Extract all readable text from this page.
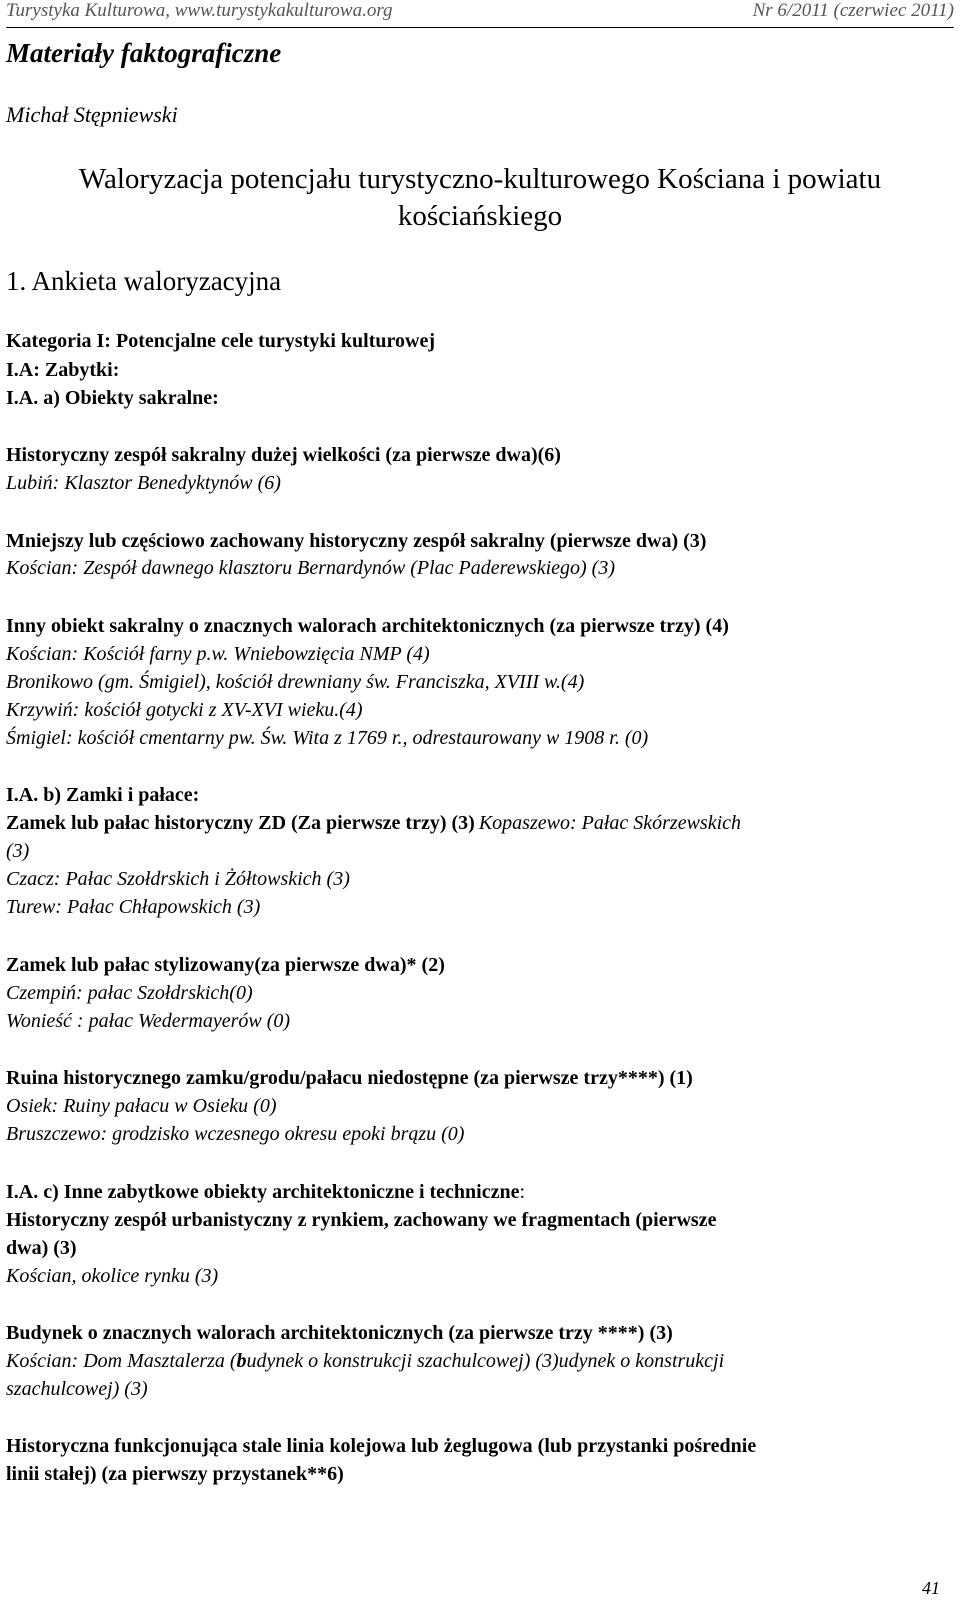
Turystyka Kulturowa, www.turystykakulturowa.org	Nr 6/2011 (czerwiec 2011)
Materiały faktograficzne
Michał Stępniewski
Waloryzacja potencjału turystyczno-kulturowego Kościana i powiatu
kościańskiego
1. Ankieta waloryzacyjna
Kategoria I: Potencjalne cele turystyki kulturowej
I.A: Zabytki:
I.A. a) Obiekty sakralne:
Historyczny zespół sakralny dużej wielkości (za pierwsze dwa)(6)
Lubiń: Klasztor Benedyktynów (6)
Mniejszy lub częściowo zachowany historyczny zespół sakralny (pierwsze dwa) (3)
Kościan: Zespół dawnego klasztoru Bernardynów (Plac Paderewskiego) (3)
Inny obiekt sakralny o znacznych walorach architektonicznych (za pierwsze trzy) (4)
Kościan: Kościół farny p.w. Wniebowzięcia NMP (4)
Bronikowo (gm. Śmigiel), kościół drewniany św. Franciszka, XVIII w.(4)
Krzywiń: kościół gotycki z XV-XVI wieku.(4)
Śmigiel: kościół cmentarny pw. Św. Wita z 1769 r., odrestaurowany w 1908 r. (0)
I.A. b) Zamki i pałace:
Zamek lub pałac historyczny ZD (Za pierwsze trzy) (3) Kopaszewo: Pałac Skórzewskich
(3)
Czacz: Pałac Szołdrskich i Żółtowskich (3)
Turew: Pałac Chłapowskich (3)
Zamek lub pałac stylizowany(za pierwsze dwa)* (2)
Czempiń: pałac Szołdrskich(0)
Wonieść : pałac Wedermayerów (0)
Ruina historycznego zamku/grodu/pałacu niedostępne (za pierwsze trzy****) (1)
Osiek: Ruiny pałacu w Osieku (0)
Bruszczewo: grodzisko wczesnego okresu epoki brązu (0)
I.A. c) Inne zabytkowe obiekty architektoniczne i techniczne:
Historyczny zespół urbanistyczny z rynkiem, zachowany we fragmentach (pierwsze
dwa) (3)
Kościan, okolice rynku (3)
Budynek o znacznych walorach architektonicznych (za pierwsze trzy ****) (3)
Kościan: Dom Masztalerza (budynek o konstrukcji szachulcowej) (3)udynek o konstrukcji
szachulcowej) (3)
Historyczna funkcjonująca stale linia kolejowa lub żeglugowa (lub przystanki pośrednie
linii stałej) (za pierwszy przystanek**6)
41
